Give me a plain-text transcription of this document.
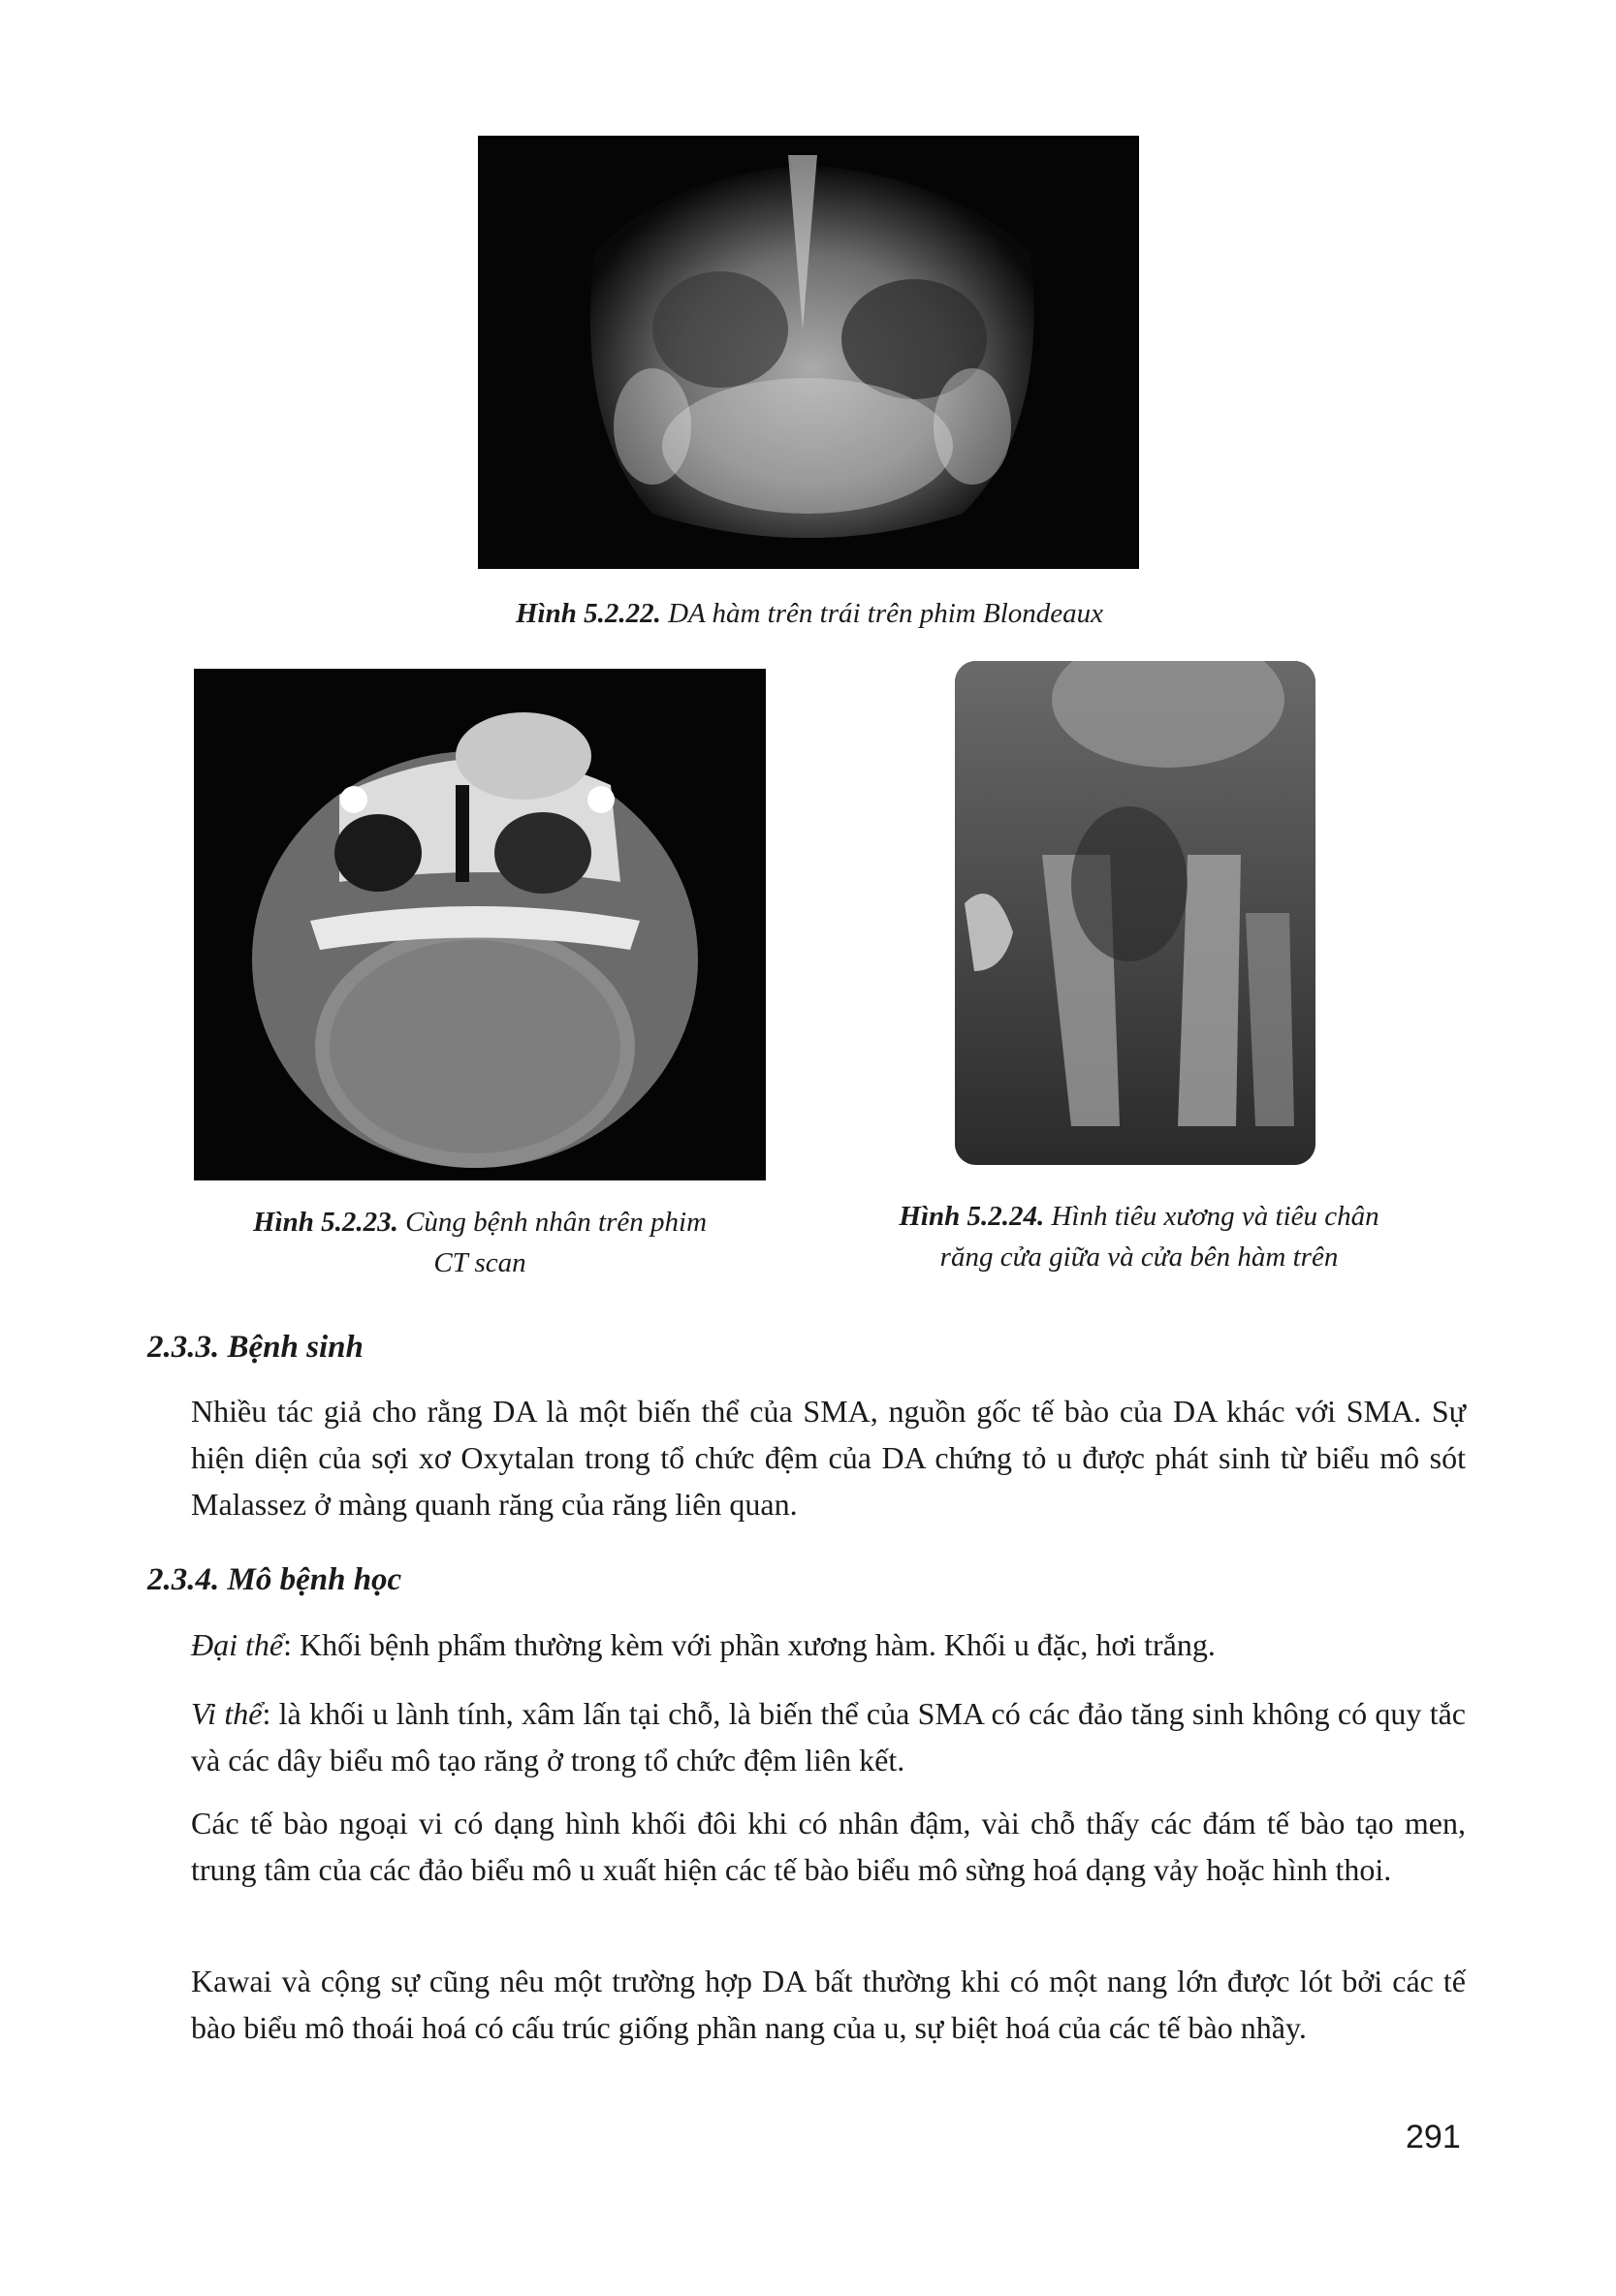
Hình 5.2.22. DA hàm trên trái trên phim Blondeaux
Hình 5.2.23. Cùng bệnh nhân trên phim
CT scan
Hình 5.2.24. Hình tiêu xương và tiêu chân
răng cửa giữa và cửa bên hàm trên
2.3.3. Bệnh sinh
Nhiều tác giả cho rằng DA là một biến thể của SMA, nguồn gốc tế bào của DA khác với SMA. Sự hiện diện của sợi xơ Oxytalan trong tổ chức đệm của DA chứng tỏ u được phát sinh từ biểu mô sót Malassez ở màng quanh răng của răng liên quan.
2.3.4. Mô bệnh học
Đại thể: Khối bệnh phẩm thường kèm với phần xương hàm. Khối u đặc, hơi trắng.
Vi thể: là khối u lành tính, xâm lấn tại chỗ, là biến thể của SMA có các đảo tăng sinh không có quy tắc và các dây biểu mô tạo răng ở trong tổ chức đệm liên kết.
Các tế bào ngoại vi có dạng hình khối đôi khi có nhân đậm, vài chỗ thấy các đám tế bào tạo men, trung tâm của các đảo biểu mô u xuất hiện các tế bào biểu mô sừng hoá dạng vảy hoặc hình thoi.
Kawai và cộng sự cũng nêu một trường hợp DA bất thường khi có một nang lớn được lót bởi các tế bào biểu mô thoái hoá có cấu trúc giống phần nang của u, sự biệt hoá của các tế bào nhầy.
291
